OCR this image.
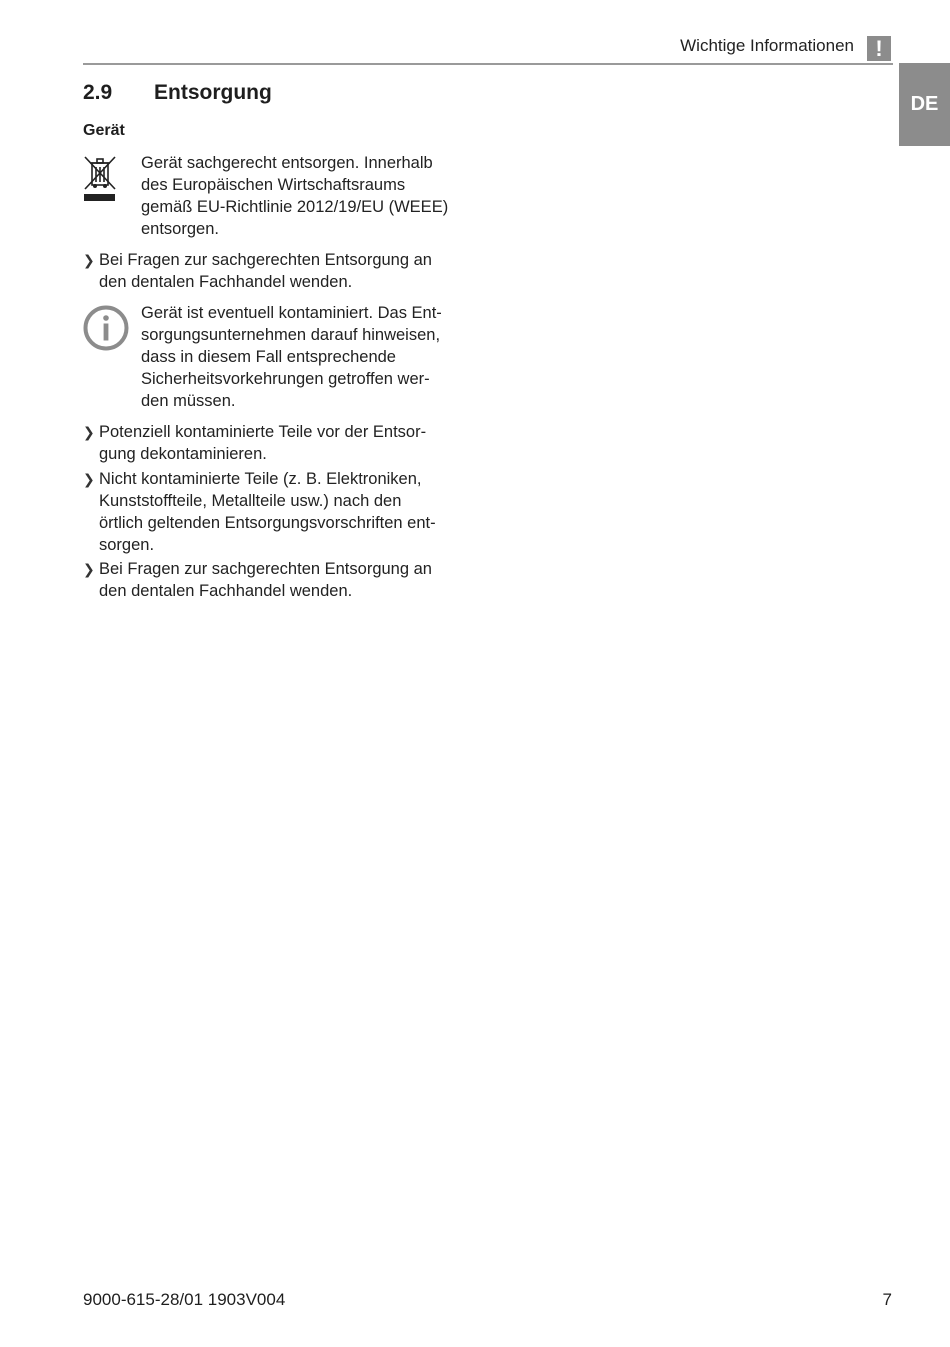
Wichtige Informationen !
DE
2.9 Entsorgung
Gerät
Gerät sachgerecht entsorgen. Innerhalb
des Europäischen Wirtschaftsraums
gemäß EU-Richtlinie 2012/19/EU (WEEE)
entsorgen.
❯ Bei Fragen zur sachgerechten Entsorgung an
den dentalen Fachhandel wenden.
Gerät ist eventuell kontaminiert. Das Ent-
sorgungsunternehmen darauf hinweisen,
dass in diesem Fall entsprechende
Sicherheitsvorkehrungen getroffen wer-
den müssen.
❯ Potenziell kontaminierte Teile vor der Entsor-
gung dekontaminieren.
❯ Nicht kontaminierte Teile (z. B. Elektroniken,
Kunststoffteile, Metallteile usw.) nach den
örtlich geltenden Entsorgungsvorschriften ent-
sorgen.
❯ Bei Fragen zur sachgerechten Entsorgung an
den dentalen Fachhandel wenden.
9000-615-28/01 1903V004	7
